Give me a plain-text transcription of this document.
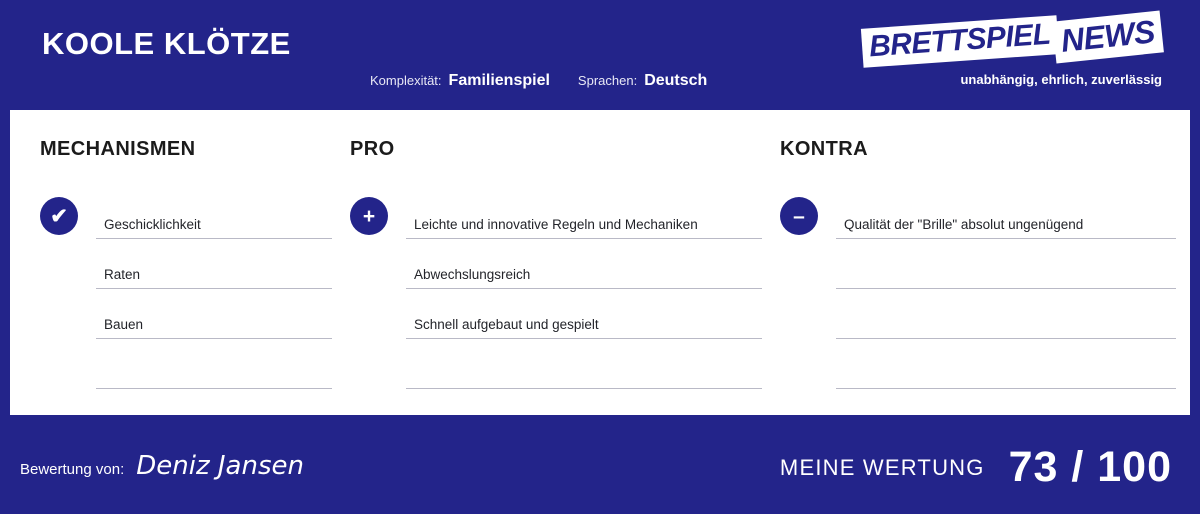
KOOLE KLÖTZE
Komplexität: Familienspiel Sprachen: Deutsch
BRETTSPIEL NEWS
unabhängig, ehrlich, zuverlässig
MECHANISMEN
✔	Geschicklichkeit
Raten
Bauen
PRO
+	Leichte und innovative Regeln und Mechaniken
Abwechslungsreich
Schnell aufgebaut und gespielt
KONTRA
–	Qualität der "Brille" absolut ungenügend
Bewertung von: Deniz Jansen	MEINE WERTUNG 73 / 100
